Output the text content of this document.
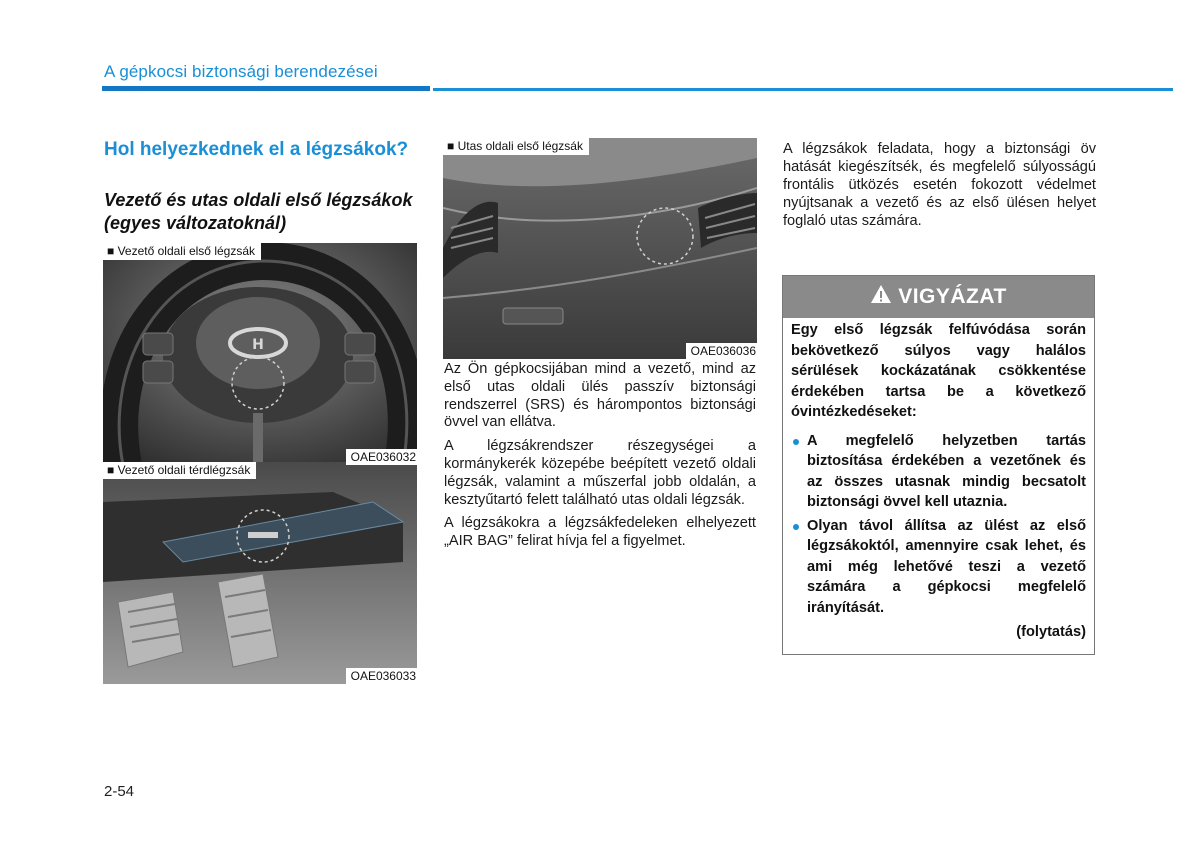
A gépkocsi biztonsági berendezései
Hol helyezkednek el a légzsákok?
Vezető és utas oldali első légzsákok (egyes változatoknál)
■ Vezető oldali első légzsák
H
OAE036032
■ Vezető oldali térdlégzsák
OAE036033
■ Utas oldali első légzsák
OAE036036

Az Ön gépkocsijában mind a vezető, mind az első utas oldali ülés passzív biztonsági rendszerrel (SRS) és hárompontos biztonsági övvel van ellátva.

A légzsákrendszer részegységei a kormánykerék közepébe beépített vezető oldali légzsák, valamint a műszerfal jobb oldalán, a kesztyűtartó felett található utas oldali légzsák.

A légzsákokra a légzsákfedeleken elhelyezett „AIR BAG” felirat hívja fel a figyelmet.

A légzsákok feladata, hogy a biztonsági öv hatását kiegészítsék, és megfelelő súlyosságú frontális ütközés esetén fokozott védelmet nyújtsanak a vezető és az első ülésen helyet foglaló utas számára.
VIGYÁZAT

Egy első légzsák felfúvódása során bekövetkező súlyos vagy halálos sérülések kockázatának csökkentése érdekében tartsa be a következő óvintézkedéseket:

A megfelelő helyzetben tartás biztosítása érdekében a vezetőnek és az összes utasnak mindig becsatolt biztonsági övvel kell utaznia.
Olyan távol állítsa az ülést az első légzsákoktól, amennyire csak lehet, és ami még lehetővé teszi a vezető számára a gépkocsi megfelelő irányítását.
(folytatás)
2-54
